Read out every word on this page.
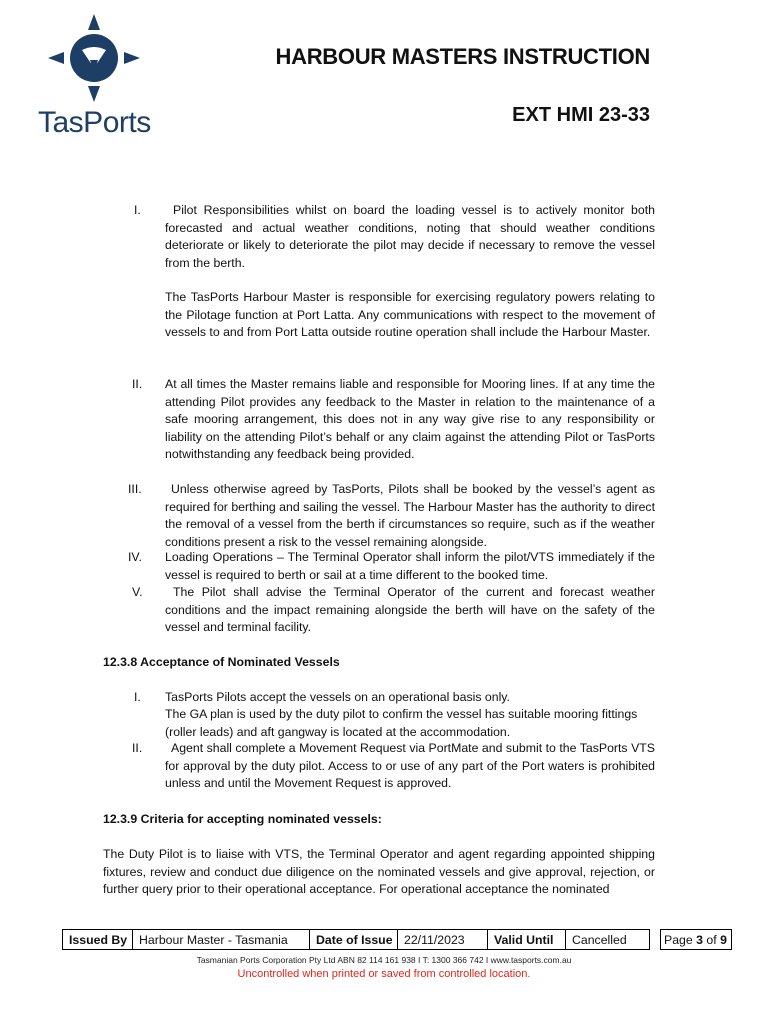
TasPorts
HARBOUR MASTERS INSTRUCTION
EXT HMI 23-33
I.	Pilot Responsibilities whilst on board the loading vessel is to actively monitor both forecasted and actual weather conditions, noting that should weather conditions deteriorate or likely to deteriorate the pilot may decide if necessary to remove the vessel from the berth.
The TasPorts Harbour Master is responsible for exercising regulatory powers relating to the Pilotage function at Port Latta. Any communications with respect to the movement of vessels to and from Port Latta outside routine operation shall include the Harbour Master.
II. At all times the Master remains liable and responsible for Mooring lines. If at any time the attending Pilot provides any feedback to the Master in relation to the maintenance of a safe mooring arrangement, this does not in any way give rise to any responsibility or liability on the attending Pilot’s behalf or any claim against the attending Pilot or TasPorts notwithstanding any feedback being provided.
III.	Unless otherwise agreed by TasPorts, Pilots shall be booked by the vessel’s agent as required for berthing and sailing the vessel. The Harbour Master has the authority to direct the removal of a vessel from the berth if circumstances so require, such as if the weather conditions present a risk to the vessel remaining alongside.
IV. Loading Operations – The Terminal Operator shall inform the pilot/VTS immediately if the vessel is required to berth or sail at a time different to the booked time.
V.	The Pilot shall advise the Terminal Operator of the current and forecast weather conditions and the impact remaining alongside the berth will have on the safety of the vessel and terminal facility.
12.3.8 Acceptance of Nominated Vessels
I. TasPorts Pilots accept the vessels on an operational basis only.
The GA plan is used by the duty pilot to confirm the vessel has suitable mooring fittings (roller leads) and aft gangway is located at the accommodation.
II.	Agent shall complete a Movement Request via PortMate and submit to the TasPorts VTS for approval by the duty pilot. Access to or use of any part of the Port waters is prohibited unless and until the Movement Request is approved.
12.3.9 Criteria for accepting nominated vessels:
The Duty Pilot is to liaise with VTS, the Terminal Operator and agent regarding appointed shipping fixtures, review and conduct due diligence on the nominated vessels and give approval, rejection, or further query prior to their operational acceptance. For operational acceptance the nominated
Issued By Harbour Master - Tasmania	Date of Issue 22/11/2023	Valid Until	Cancelled	Page 3 of 9
Tasmanian Ports Corporation Pty Ltd ABN 82 114 161 938 I T: 1300 366 742 I www.tasports.com.au
Uncontrolled when printed or saved from controlled location.
